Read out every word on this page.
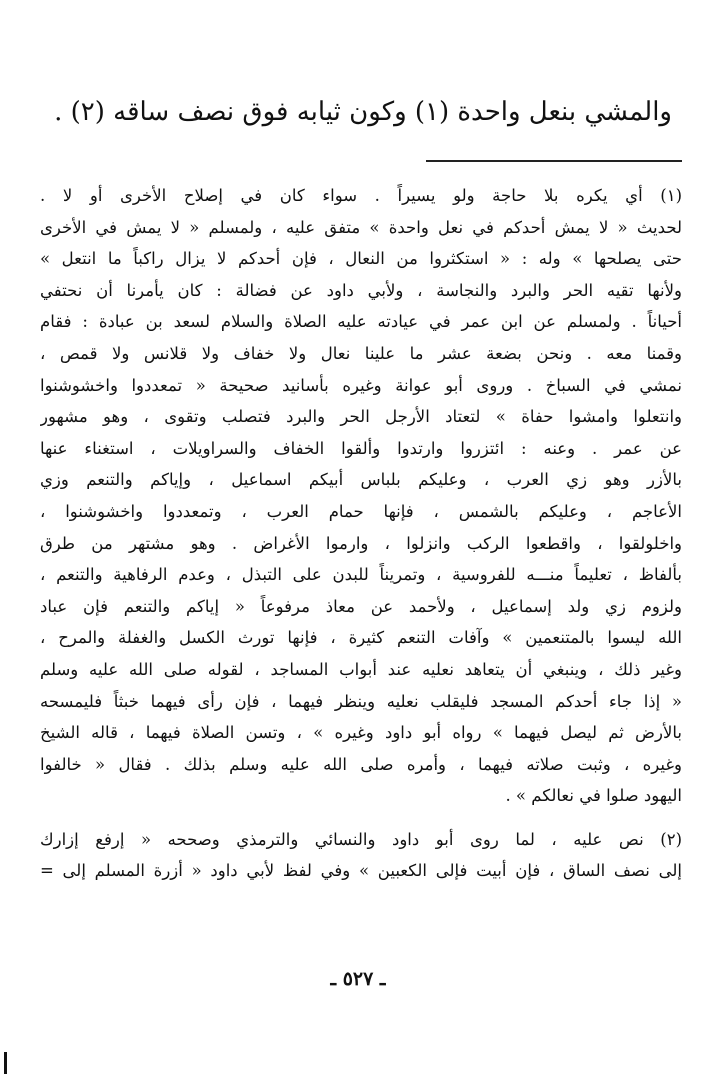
والمشي بنعل واحدة (١) وكون ثيابه فوق نصف ساقه (٢) .
(١) أي يكره بلا حاجة ولو يسيراً . سواء كان في إصلاح الأخرى أو لا .
لحديث « لا يمش أحدكم في نعل واحدة » متفق عليه ، ولمسلم « لا يمش في الأخرى
حتى يصلحها » وله : « استكثروا من النعال ، فإن أحدكم لا يزال راكباً ما انتعل »
ولأنها تقيه الحر والبرد والنجاسة ، ولأبي داود عن فضالة : كان يأمرنا أن نحتفي
أحياناً . ولمسلم عن ابن عمر في عيادته عليه الصلاة والسلام لسعد بن عبادة : فقام
وقمنا معه . ونحن بضعة عشر ما علينا نعال ولا خفاف ولا قلانس ولا قمص ،
نمشي في السباخ . وروى أبو عوانة وغيره بأسانيد صحيحة « تمعددوا واخشوشنوا
وانتعلوا وامشوا حفاة » لتعتاد الأرجل الحر والبرد فتصلب وتقوى ، وهو مشهور
عن عمر . وعنه : ائتزروا وارتدوا وألقوا الخفاف والسراويلات ، استغناء عنها
بالأزر وهو زي العرب ، وعليكم بلباس أبيكم اسماعيل ، وإياكم والتنعم وزي
الأعاجم ، وعليكم بالشمس ، فإنها حمام العرب ، وتمعددوا واخشوشنوا ،
واخلولقوا ، واقطعوا الركب وانزلوا ، وارموا الأغراض . وهو مشتهر من طرق
بألفاظ ، تعليماً منـــه للفروسية ، وتمريناً للبدن على التبذل ، وعدم الرفاهية والتنعم ،
ولزوم زي ولد إسماعيل ، ولأحمد عن معاذ مرفوعاً « إياكم والتنعم فإن عباد
الله ليسوا بالمتنعمين » وآفات التنعم كثيرة ، فإنها تورث الكسل والغفلة والمرح ،
وغير ذلك ، وينبغي أن يتعاهد نعليه عند أبواب المساجد ، لقوله صلى الله عليه وسلم
« إذا جاء أحدكم المسجد فليقلب نعليه وينظر فيهما ، فإن رأى فيهما خبثاً فليمسحه
بالأرض ثم ليصل فيهما » رواه أبو داود وغيره » ، وتسن الصلاة فيهما ، قاله الشيخ
وغيره ، وثبت صلاته فيهما ، وأمره صلى الله عليه وسلم بذلك . فقال « خالفوا
اليهود صلوا في نعالكم » .
(٢) نص عليه ، لما روى أبو داود والنسائي والترمذي وصححه « إرفع إزارك
إلى نصف الساق ، فإن أبيت فإلى الكعبين » وفي لفظ لأبي داود « أزرة المسلم إلى =
ـ ٥٢٧ ـ
